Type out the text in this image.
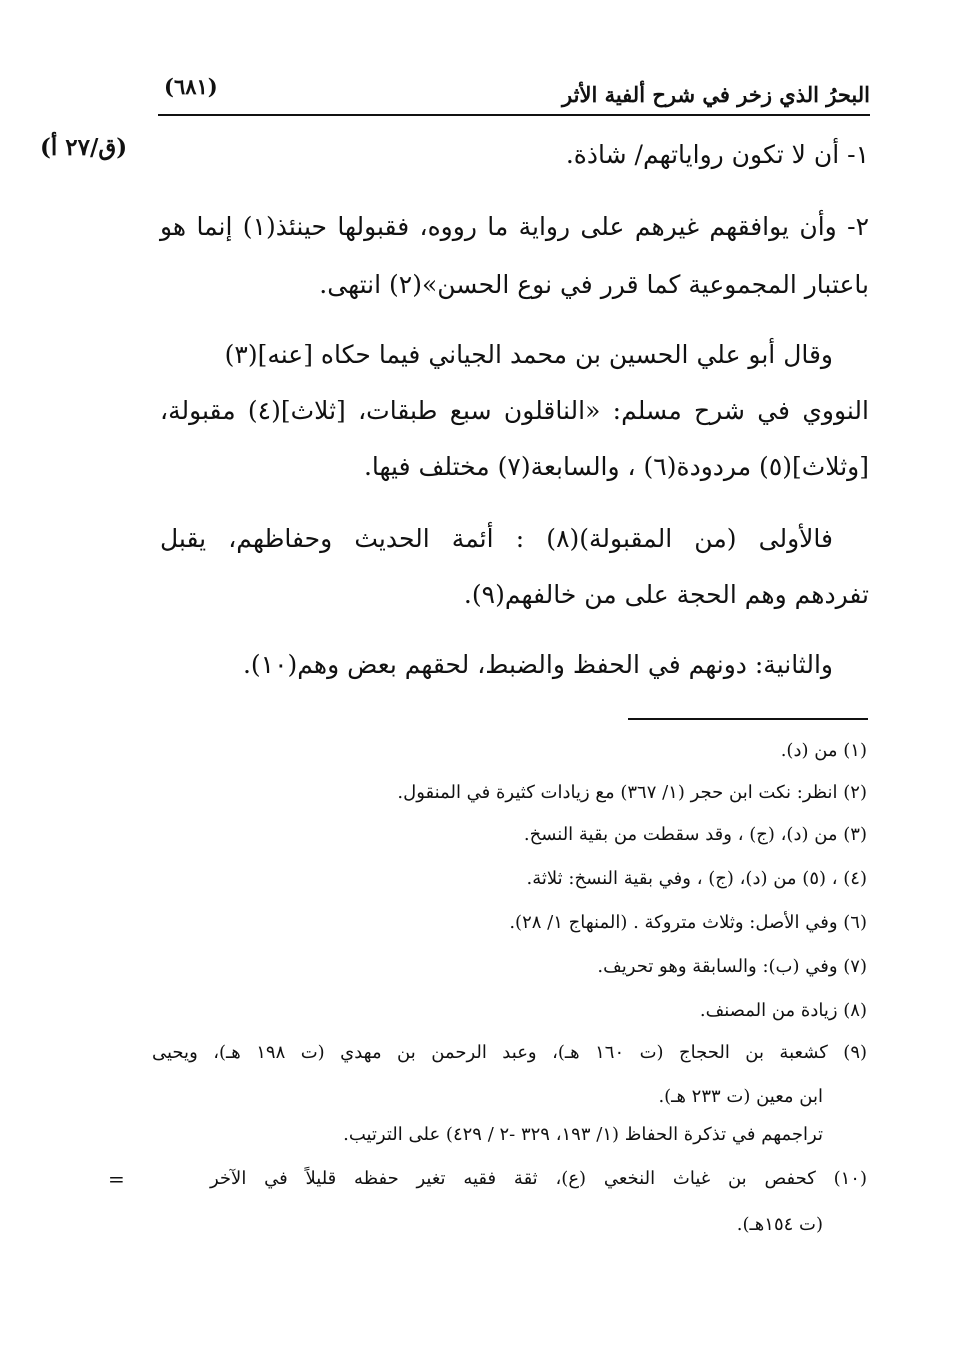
البحرُ الذي زخر في شرح ألفية الأثر
(٦٨١)
(ق/٢٧ أ)	١- أن لا تكون رواياتهم/ شاذة.
٢- وأن يوافقهم غيرهم على رواية ما رووه، فقبولها حينئذ(١) إنما هو
باعتبار المجموعية كما قرر في نوع الحسن»(٢) انتهى.
وقال أبو علي الحسين بن محمد الجياني فيما حكاه [عنه](٣)
النووي في شرح مسلم: «الناقلون سبع طبقات، [ثلاث](٤) مقبولة،
[وثلاث](٥) مردودة(٦) ، والسابعة(٧) مختلف فيها.
فالأولى (من المقبولة)(٨) : أئمة الحديث وحفاظهم، يقبل
تفردهم وهم الحجة على من خالفهم(٩).
والثانية: دونهم في الحفظ والضبط، لحقهم بعض وهم(١٠).
(١) من (د).
(٢) انظر: نكت ابن حجر (١/ ٣٦٧) مع زيادات كثيرة في المنقول.
(٣) من (د)، (ج) ، وقد سقطت من بقية النسخ.
(٤) ، (٥) من (د)، (ج) ، وفي بقية النسخ: ثلاثة.
(٦) وفي الأصل: وثلاث متروكة . (المنهاج ١/ ٢٨).
(٧) وفي (ب): والسابقة وهو تحريف.
(٨) زيادة من المصنف.
(٩) كشعبة بن الحجاج (ت ١٦٠ هـ)، وعبد الرحمن بن مهدي (ت ١٩٨ هـ)، ويحيى
ابن معين (ت ٢٣٣ هـ).
تراجمهم في تذكرة الحفاظ (١/ ١٩٣، ٣٢٩ -٢ / ٤٢٩) على الترتيب.
(١٠) كحفص بن غياث النخعي (ع)، ثقة فقيه تغير حفظه قليلاً في الآخر
(ت ١٥٤هـ).
=
